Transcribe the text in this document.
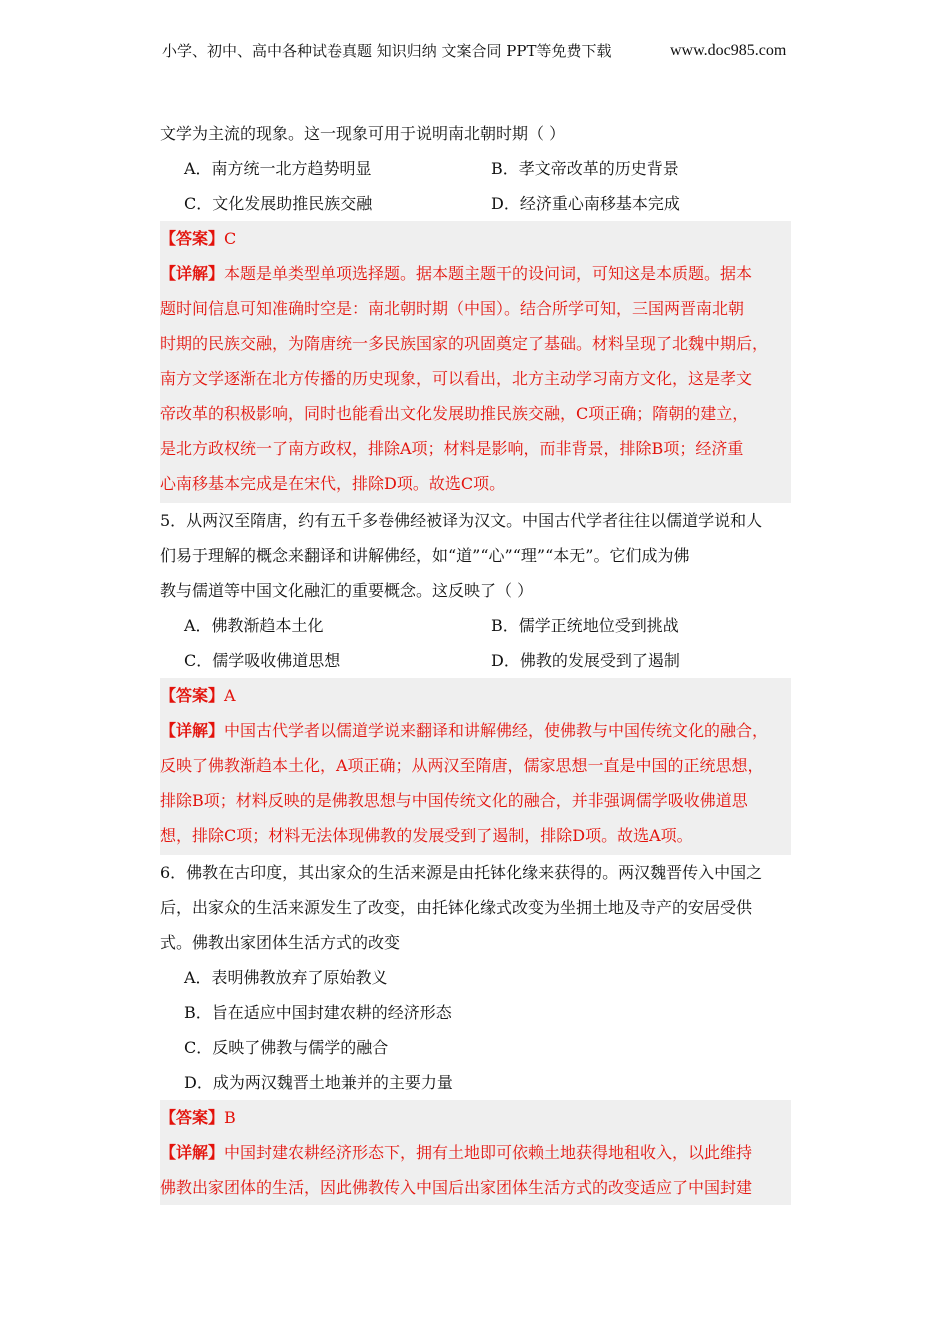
小学、初中、高中各种试卷真题 知识归纳 文案合同 PPT等免费下载	www.doc985.com
文学为主流的现象。这一现象可用于说明南北朝时期（ ）
A．南方统一北方趋势明显	B．孝文帝改革的历史背景
C．文化发展助推民族交融	D．经济重心南移基本完成
【答案】C
【详解】本题是单类型单项选择题。据本题主题干的设问词，可知这是本质题。据本
题时间信息可知准确时空是：南北朝时期（中国）。结合所学可知，三国两晋南北朝
时期的民族交融，为隋唐统一多民族国家的巩固奠定了基础。材料呈现了北魏中期后，
南方文学逐渐在北方传播的历史现象，可以看出，北方主动学习南方文化，这是孝文
帝改革的积极影响，同时也能看出文化发展助推民族交融，C项正确；隋朝的建立，
是北方政权统一了南方政权，排除A项；材料是影响，而非背景，排除B项；经济重
心南移基本完成是在宋代，排除D项。故选C项。
5．从两汉至隋唐，约有五千多卷佛经被译为汉文。中国古代学者往往以儒道学说和人
们易于理解的概念来翻译和讲解佛经，如“道”“心”“理”“本无”。它们成为佛
教与儒道等中国文化融汇的重要概念。这反映了（ ）
A．佛教渐趋本土化	B．儒学正统地位受到挑战
C．儒学吸收佛道思想	D．佛教的发展受到了遏制
【答案】A
【详解】中国古代学者以儒道学说来翻译和讲解佛经，使佛教与中国传统文化的融合，
反映了佛教渐趋本土化，A项正确；从两汉至隋唐，儒家思想一直是中国的正统思想，
排除B项；材料反映的是佛教思想与中国传统文化的融合，并非强调儒学吸收佛道思
想，排除C项；材料无法体现佛教的发展受到了遏制，排除D项。故选A项。
6．佛教在古印度，其出家众的生活来源是由托钵化缘来获得的。两汉魏晋传入中国之
后，出家众的生活来源发生了改变，由托钵化缘式改变为坐拥土地及寺产的安居受供
式。佛教出家团体生活方式的改变
A．表明佛教放弃了原始教义
B．旨在适应中国封建农耕的经济形态
C．反映了佛教与儒学的融合
D．成为两汉魏晋土地兼并的主要力量
【答案】B
【详解】中国封建农耕经济形态下，拥有土地即可依赖土地获得地租收入，以此维持
佛教出家团体的生活，因此佛教传入中国后出家团体生活方式的改变适应了中国封建
